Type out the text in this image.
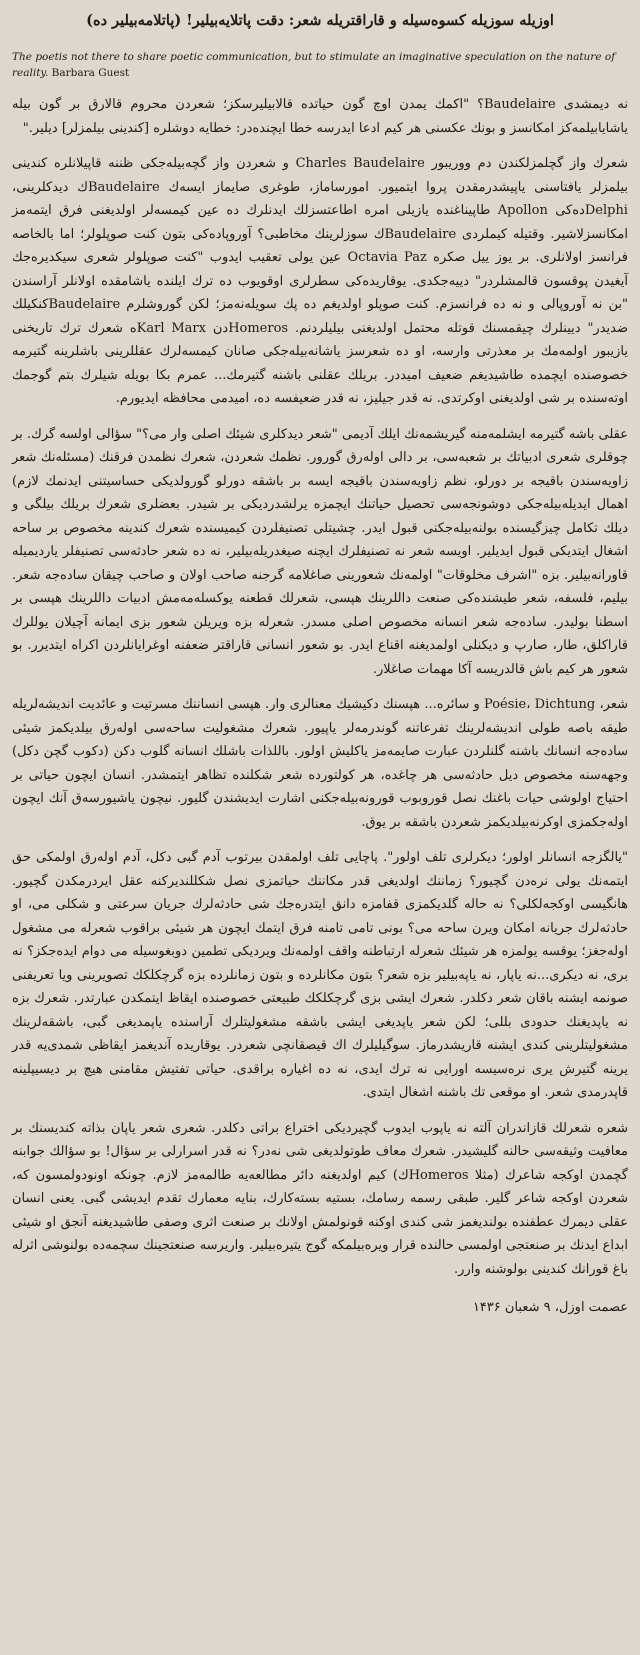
اوزیله سوزیله کسوه‌سیله و قاراقتریله شعر: دقت پاتلایه‌بیلیر! (پاتلامه‌بیلیر ده)
The poetis not there to share poetic communication, but to stimulate an imaginative speculation on the nature of reality. Barbara Guest

نه دیمشدی Baudelaire؟ "اکمك یمدن اوچ گون حیاتده قالابیلیرسکز؛ شعردن محروم قالارق بر گون بیله یاشایابیلمه‌کز امکانسز و بونك عکسنی هر کیم ادعا ایدرسه خطا ایچنده‌در: خطایه دوشلره [کندینی بیلمزلر] دیلیر."

شعرك واز گچلمزلکندن دم ووریبور Charles Baudelaire و شعردن واز گچه‌بیله‌جکی ظننه قاپیلانلره کندینی بیلمزلر یافتاسنی یاپیشدرمقدن پروا ایتمیور. امورساماز، طوغری صایماز ایسه‌ك Baudelaire‌ك دیدکلرینی، Delphiده‌کی Apollon طاپیناغنده یازیلی امره اطاعتسزلك ایدنلرك ده عین کیمسه‌لر اولدیغنی فرق ایتمه‌مز امکانسزلاشیر. وقتیله کیملردی Baudelaire‌ك سوزلرینك مخاطبی؟ آوروپاده‌کی بتون کنت صوپلولر؛ اما بالخاصه فرانسز اولانلری. بر یوز ییل صکره Octavia Paz عین یولی تعقیب ایدوب "کنت صوپلولر شعری سیکدیره‌جك آیغیدن پوقسون قالمشلردر" دییه‌جکدی. یوقاریده‌کی سطرلری اوقویوب ده ترك ایلنده یاشامقده اولانلر آراسندن "بن نه آوروپالی و نه ده فرانسزم. کنت صوپلو اولدیغم ده پك سویله‌نه‌مز؛ لکن گوروشلرم Baudelaire‌کنکیلك ضدیدر" دیینلرك چیقمسنك قوتله محتمل اولدیغنی بیلیلردنم. Homeros‌دن Karl Marx‌ه شعرك ترك تاریخنی یازیبور اولمه‌مك بر معذرتی وارسه، او ده شعرسز یاشانه‌بیله‌جکی صانان کیمسه‌لرك عقللرینی باشلرینه گتیرمه خصوصنده ایچمده طاشیدیغم ضعیف امیددر. بریلك عقلنی باشنه گتیرمك... عمرم بکا بویله شیلرك بتم گوجمك اوته‌سنده بر شی اولدیغنی اوکرتدی. نه قدر جیلیز، نه قدر ضعیفسه ده، امیدمی محافظه ایدیورم.

عقلی باشه گتیرمه ایشلمه‌منه گیریشمه‌نك ایلك آدیمی "شعر دیدکلری شیئك اصلی وار می؟" سؤالی اولسه گرك. بر چوقلری شعری ادبیاتك بر شعبه‌سی، بر دالی اوله‌رق گورور. نظمك شعردن، شعرك نظمدن فرقنك (مسئله‌نك شعر زاویه‌سندن باقیجه بر دورلو، نظم زاویه‌سندن باقیجه ایسه بر باشقه دورلو گورولدیکی حساسیتنی ایدنمك لازم) اهمال ایدیله‌بیله‌جکی دوشونجه‌سی تحصیل حیاتنك ایچمزه یرلشدردیکی بر شیدر. بعضلری شعرك بریلك بیلگی و دیلك تکامل چیزگیسنده بولنه‌بیله‌جکنی قبول ایدر. چشیتلی تصنیفلردن کیمیسنده شعرك کندینه مخصوص بر ساحه اشغال ایتدیکی قبول ایدیلیر. اویسه شعر نه تصنیفلرك ایچنه صیغدریله‌بیلیر، نه ده شعر حادثه‌سی تصنیفلر یاردیمیله قاورانه‌بیلیر. بزه "اشرف مخلوقات" اولمه‌نك شعورینی صاغلامه گرجنه صاحب اولان و صاحب چیقان ساده‌جه شعر. بیلیم، فلسفه، شعر طیشنده‌کی صنعت داللرینك هپسی، شعرلك قطعنه یوکسله‌مه‌مش ادبیات داللرینك هپسی بر اسطنا بولیدر. ساده‌جه شعر انسانه مخصوص اصلی مسدر. شعرله بزه ویریلن شعور بزی ایمانه آچیلان یوللرك قاراکلق، طار، صارپ و دیکنلی اولمدیغنه اقناع ایدر. بو شعور انسانی قاراقتر ضعفنه اوغرایانلردن اکراه ایتدیرر. بو شعور هر کیم باش قالدریسه آکا مهمات صاغلار.

شعر، Poésie، Dichtung و سائره... هپسنك دکیشیك معنالری وار. هپسی انساننك مسرتیت و عائدیت اندیشه‌لریله طیقه باصه طولی اندیشه‌لرینك تفرعاتنه گوندرمه‌لر یاپیور. شعرك مشغولیت ساحه‌سی اوله‌رق بیلدیکمز شیئی ساده‌جه انسانك باشنه گلنلردن عبارت صایمه‌مز یاکلیش اولور. باللذات باشلك انسانه گلوب دکن (دکوب گچن دکل) وجهه‌سنه مخصوص دیل حادثه‌سی هر چاغده، هر کولتورده شعر شکلنده تظاهر ایتمشدر. انسان ایچون حیاتی بر احتیاج اولوشی حیات باغنك نصل قوروبوب قورونه‌بیله‌جکنی اشارت ایدیشندن گلیور. نیچون یاشیورسه‌ق آنك ایچون اوله‌جکمزی اوکرنه‌بیلدیکمز شعردن باشقه بر یوق.

"یالگزجه انسانلر اولور؛ دیکرلری تلف اولور". پاچایی تلف اولمقدن بیرتوب آدم گبی دکل، آدم اوله‌رق اولمکی حق ایتمه‌نك یولی نره‌دن گچیور؟ زماننك اولدیغی قدر مکاننك حیاتمزی نصل شکللندیرکنه عقل ایردرمکدن گچیور. هانگیسی اوکجه‌لکلی؟ نه حاله گلدیکمزی قفامزه دانق ایتدره‌جك شی حادثه‌لرك جریان سرعتی و شکلی می، او حادثه‌لرك جریانه امکان ویرن ساحه می؟ بونی تامی تامنه فرق ایتمك ایچون هر شیئی براقوب شعرله می مشغول اوله‌جغز؛ یوقسه یولمزه هر شیئك شعرله ارتباطنه واقف اولمه‌نك ویردیکی تطمین دوبغوسیله می دوام ایده‌جکز؟ نه بری، نه دیکری...نه یاپار، نه یاپه‌بیلیر بزه شعر؟ بتون مکانلرده و بتون زمانلرده بزه گرچکلکك تصویرینی ویا تعریفنی صونمه ایشنه باقان شعر دکلدر. شعرك ایشی بزی گرچکلکك طبیعتی خصوصنده ایقاظ ایتمکدن عبارتدر. شعرك بزه نه یاپدیغنك حدودی بللی؛ لکن شعر یاپدیغی ایشی باشقه مشغولیتلرك آراسنده یاپمدیغی گبی، باشقه‌لرینك مشغولیتلرینی کندی ایشنه قاریشدرماز. سوگیلیلرك اك قیصقانچی شعردر. یوقاریده آندیغمز ایقاظی شمدی‌یه قدر یرینه گتیرش یری نره‌سیسه اورایی نه ترك ایدی، نه ده اغیاره براقدی. حیاتی تفتیش مقامنی هیچ بر دیسیپلینه قاپدرمدی شعر. او موقعی تك باشنه اشغال ایتدی.

شعره شعرلك قازاندران آلته نه یاپوب ایدوب گچیردیکی اختراع براتی دکلدر. شعری شعر یاپان بذاته کندیسنك بر معافیت وثیقه‌سی حالنه گلیشیدر. شعرك معاف طوتولدیغی شی نه‌در؟ نه قدر اسرارلی بر سؤال! بو سؤالك جوابنه گچمدن اوکجه شاعرك (مثلا Homeros‌ك) کیم اولدیغنه دائر مطالعه‌یه طالمه‌مز لازم. چونکه اونودولمسون که، شعردن اوکجه شاعر گلیر. طبقی رسمه رسامك، بستیه بسته‌کارك، بنایه معمارك تقدم ایدیشی گبی. یعنی انسان عقلی دیمرك عطفنده بولندیغمز شی کندی اوکنه قونولمش اولانك بر صنعت اثری وصفی طاشیدیغنه آنجق او شیئی ابداع ایدنك بر صنعتجی اولمسی حالنده قرار ویره‌بیلمکه گوج یتیره‌بیلیر. واریرسه صنعتجینك سچمه‌ده بولنوشی اثرله باغ قورانك کندینی بولوشنه وارر.

عصمت اوزل، ۹ شعبان ۱۴۳۶
